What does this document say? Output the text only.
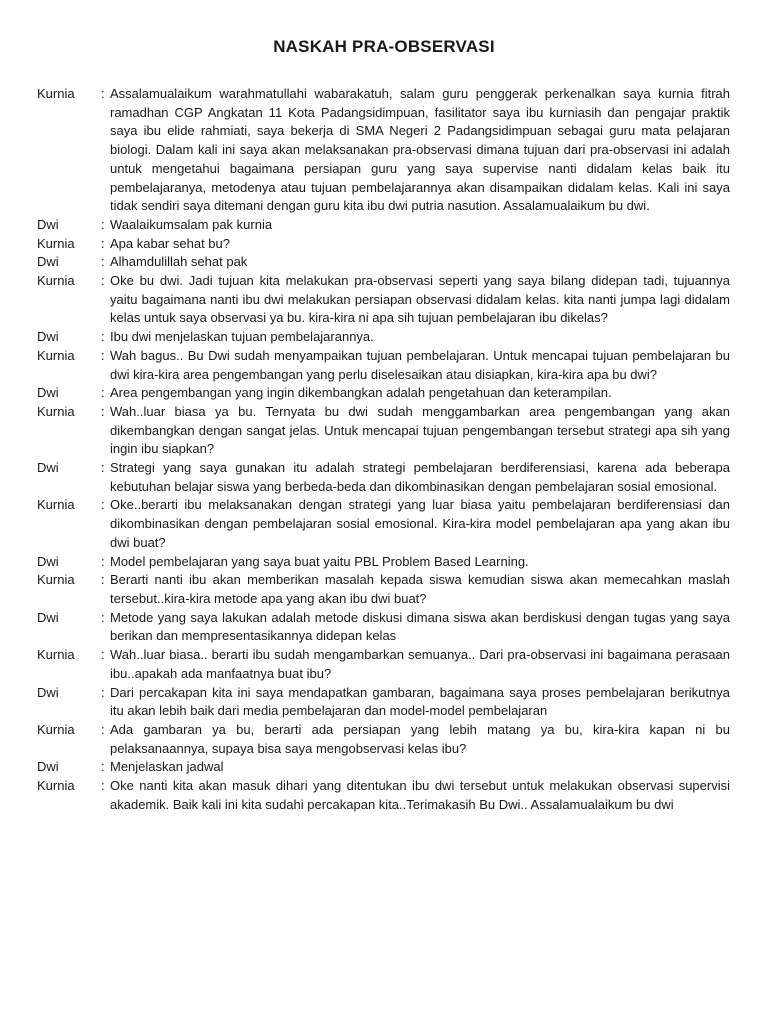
NASKAH PRA-OBSERVASI
Kurnia	: Assalamualaikum warahmatullahi wabarakatuh, salam guru penggerak perkenalkan saya kurnia fitrah ramadhan CGP Angkatan 11 Kota Padangsidimpuan, fasilitator saya ibu kurniasih dan pengajar praktik saya ibu elide rahmiati, saya bekerja di SMA Negeri 2 Padangsidimpuan sebagai guru mata pelajaran biologi. Dalam kali ini saya akan melaksanakan pra-observasi dimana tujuan dari pra-observasi ini adalah untuk mengetahui bagaimana persiapan guru yang saya supervise nanti didalam kelas baik itu pembelajaranya, metodenya atau tujuan pembelajarannya akan disampaikan didalam kelas. Kali ini saya tidak sendiri saya ditemani dengan guru kita ibu dwi putria nasution. Assalamualaikum bu dwi.
Dwi	: Waalaikumsalam pak kurnia
Kurnia	: Apa kabar sehat bu?
Dwi	: Alhamdulillah sehat pak
Kurnia	: Oke bu dwi. Jadi tujuan kita melakukan pra-observasi seperti yang saya bilang didepan tadi, tujuannya yaitu bagaimana nanti ibu dwi melakukan persiapan observasi didalam kelas. kita nanti jumpa lagi didalam kelas untuk saya observasi ya bu. kira-kira ni apa sih tujuan pembelajaran ibu dikelas?
Dwi	: Ibu dwi menjelaskan tujuan pembelajarannya.
Kurnia	: Wah bagus.. Bu Dwi sudah menyampaikan tujuan pembelajaran. Untuk mencapai tujuan pembelajaran bu dwi kira-kira area pengembangan yang perlu diselesaikan atau disiapkan, kira-kira apa bu dwi?
Dwi	: Area pengembangan yang ingin dikembangkan adalah pengetahuan dan keterampilan.
Kurnia	: Wah..luar biasa ya bu. Ternyata bu dwi sudah menggambarkan area pengembangan yang akan dikembangkan dengan sangat jelas. Untuk mencapai tujuan pengembangan tersebut strategi apa sih yang ingin ibu siapkan?
Dwi	: Strategi yang saya gunakan itu adalah strategi pembelajaran berdiferensiasi, karena ada beberapa kebutuhan belajar siswa yang berbeda-beda dan dikombinasikan dengan pembelajaran sosial emosional.
Kurnia	: Oke..berarti ibu melaksanakan dengan strategi yang luar biasa yaitu pembelajaran berdiferensiasi dan dikombinasikan dengan pembelajaran sosial emosional. Kira-kira model pembelajaran apa yang akan ibu dwi buat?
Dwi	: Model pembelajaran yang saya buat yaitu PBL Problem Based Learning.
Kurnia	: Berarti nanti ibu akan memberikan masalah kepada siswa kemudian siswa akan memecahkan maslah tersebut..kira-kira metode apa yang akan ibu dwi buat?
Dwi	: Metode yang saya lakukan adalah metode diskusi dimana siswa akan berdiskusi dengan tugas yang saya berikan dan mempresentasikannya didepan kelas
Kurnia	: Wah..luar biasa.. berarti ibu sudah mengambarkan semuanya.. Dari pra-observasi ini bagaimana perasaan ibu..apakah ada manfaatnya buat ibu?
Dwi	: Dari percakapan kita ini saya mendapatkan gambaran, bagaimana saya proses pembelajaran berikutnya itu akan lebih baik dari media pembelajaran dan model-model pembelajaran
Kurnia	: Ada gambaran ya bu, berarti ada persiapan yang lebih matang ya bu, kira-kira kapan ni bu pelaksanaannya, supaya bisa saya mengobservasi kelas ibu?
Dwi	: Menjelaskan jadwal
Kurnia	: Oke nanti kita akan masuk dihari yang ditentukan ibu dwi tersebut untuk melakukan observasi supervisi akademik. Baik kali ini kita sudahi percakapan kita..Terimakasih Bu Dwi.. Assalamualaikum bu dwi
